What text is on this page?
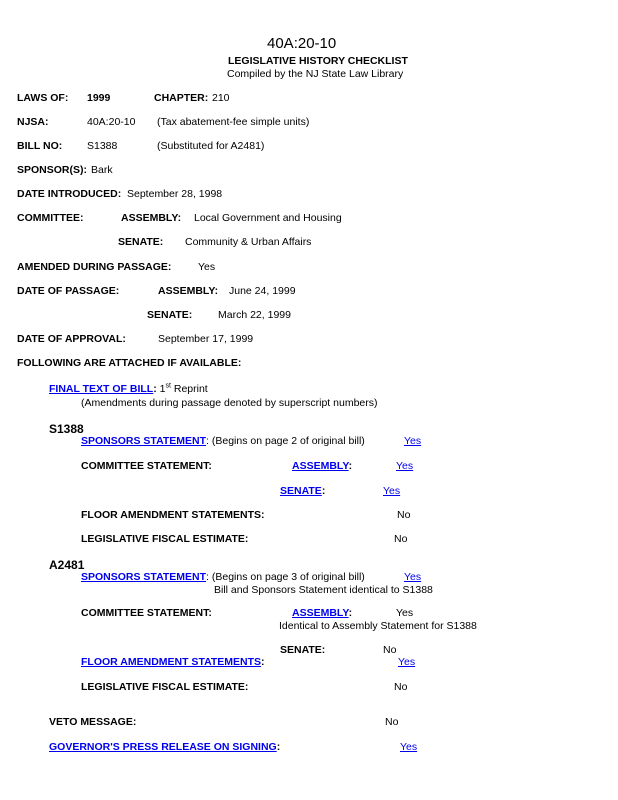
40A:20-10
LEGISLATIVE HISTORY CHECKLIST
Compiled by the NJ State Law Library
LAWS OF: 1999	CHAPTER: 210
NJSA:	40A:20-10 (Tax abatement-fee simple units)
BILL NO: S1388	(Substituted for A2481)
SPONSOR(S): Bark
DATE INTRODUCED: September 28, 1998
COMMITTEE:	ASSEMBLY: Local Government and Housing
SENATE: Community & Urban Affairs
AMENDED DURING PASSAGE:	Yes
DATE OF PASSAGE:	ASSEMBLY: June 24, 1999
SENATE: March 22, 1999
DATE OF APPROVAL:	September 17, 1999
FOLLOWING ARE ATTACHED IF AVAILABLE:
FINAL TEXT OF BILL: 1st Reprint
(Amendments during passage denoted by superscript numbers)
S1388
SPONSORS STATEMENT: (Begins on page 2 of original bill)	Yes
COMMITTEE STATEMENT:	ASSEMBLY:	Yes
SENATE:	Yes
FLOOR AMENDMENT STATEMENTS:	No
LEGISLATIVE FISCAL ESTIMATE:	No
A2481
SPONSORS STATEMENT: (Begins on page 3 of original bill)	Yes
Bill and Sponsors Statement identical to S1388
COMMITTEE STATEMENT:	ASSEMBLY:	Yes
Identical to Assembly Statement for S1388
SENATE:	No
FLOOR AMENDMENT STATEMENTS:	Yes
LEGISLATIVE FISCAL ESTIMATE:	No
VETO MESSAGE:	No
GOVERNOR'S PRESS RELEASE ON SIGNING:	Yes
